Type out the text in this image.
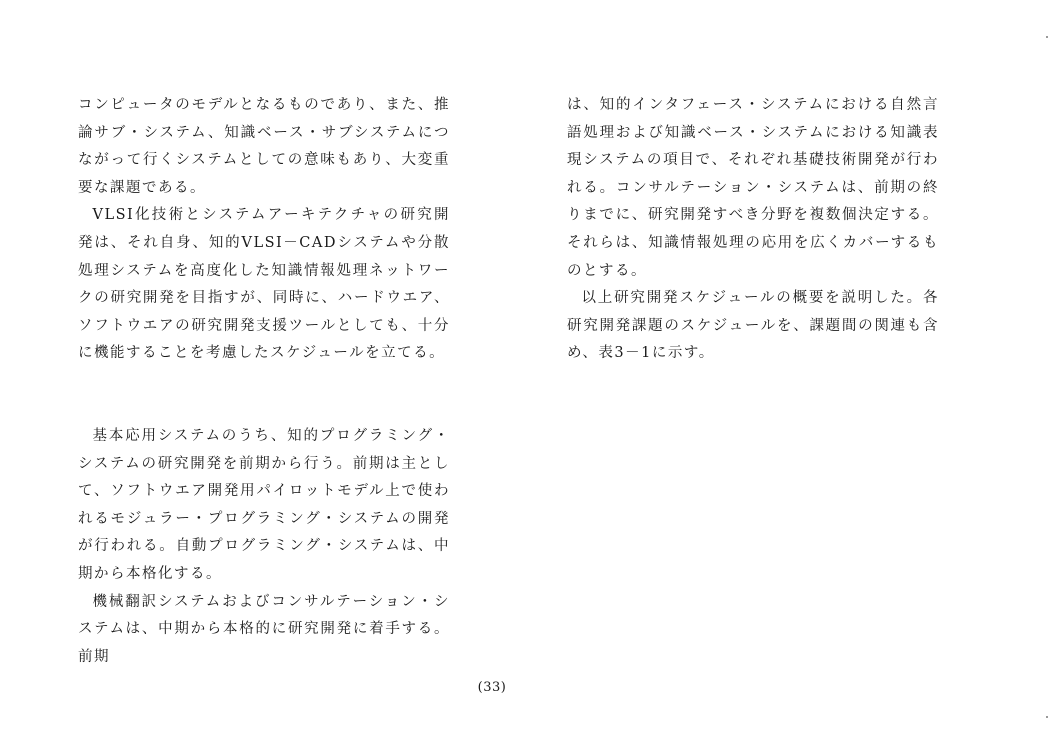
コンピュータのモデルとなるものであり、また、推論サブ・システム、知識ベース・サブシステムにつながって行くシステムとしての意味もあり、大変重要な課題である。

VLSI化技術とシステムアーキテクチャの研究開発は、それ自身、知的VLSI－CADシステムや分散処理システムを高度化した知識情報処理ネットワークの研究開発を目指すが、同時に、ハードウエア、ソフトウエアの研究開発支援ツールとしても、十分に機能することを考慮したスケジュールを立てる。

基本応用システムのうち、知的プログラミング・システムの研究開発を前期から行う。前期は主として、ソフトウエア開発用パイロットモデル上で使われるモジュラー・プログラミング・システムの開発が行われる。自動プログラミング・システムは、中期から本格化する。

機械翻訳システムおよびコンサルテーション・システムは、中期から本格的に研究開発に着手する。前期

は、知的インタフェース・システムにおける自然言語処理および知識ベース・システムにおける知識表現システムの項目で、それぞれ基礎技術開発が行われる。コンサルテーション・システムは、前期の終りまでに、研究開発すべき分野を複数個決定する。それらは、知識情報処理の応用を広くカバーするものとする。

以上研究開発スケジュールの概要を説明した。各研究開発課題のスケジュールを、課題間の関連も含め、表3－1に示す。

(33)
